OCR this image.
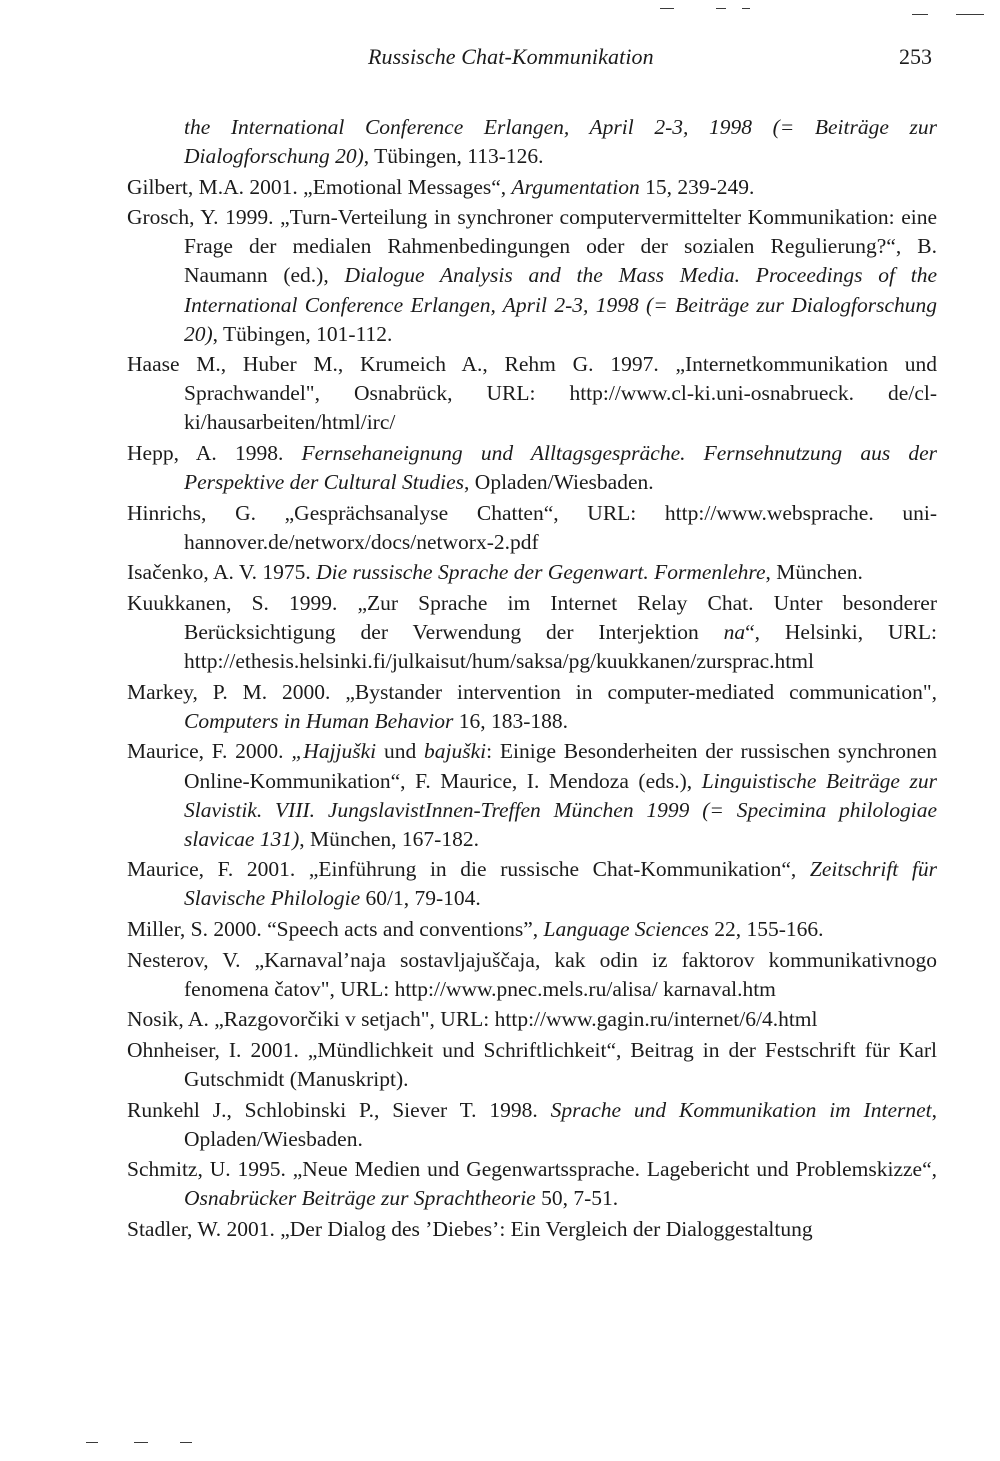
Russische Chat-Kommunikation	253

the International Conference Erlangen, April 2-3, 1998 (= Beiträge zur Dialogforschung 20), Tübingen, 113-126.

Gilbert, M.A. 2001. „Emotional Messages“, Argumentation 15, 239-249.

Grosch, Y. 1999. „Turn-Verteilung in synchroner computervermittelter Kommunikation: eine Frage der medialen Rahmenbedingungen oder der sozialen Regulierung?“, B. Naumann (ed.), Dialogue Analysis and the Mass Media. Proceedings of the International Conference Erlangen, April 2-3, 1998 (= Beiträge zur Dialogforschung 20), Tübingen, 101-112.

Haase M., Huber M., Krumeich A., Rehm G. 1997. „Internetkommunikation und Sprachwandel", Osnabrück, URL: http://www.cl-ki.uni-osnabrueck. de/cl-ki/hausarbeiten/html/irc/

Hepp, A. 1998. Fernsehaneignung und Alltagsgespräche. Fernsehnutzung aus der Perspektive der Cultural Studies, Opladen/Wiesbaden.

Hinrichs, G. „Gesprächsanalyse Chatten“, URL: http://www.websprache. uni-hannover.de/networx/docs/networx-2.pdf

Isačenko, A. V. 1975. Die russische Sprache der Gegenwart. Formenlehre, München.

Kuukkanen, S. 1999. „Zur Sprache im Internet Relay Chat. Unter besonderer Berücksichtigung der Verwendung der Interjektion na“, Helsinki, URL: http://ethesis.helsinki.fi/julkaisut/hum/saksa/pg/kuukkanen/zursprac.html

Markey, P. M. 2000. „Bystander intervention in computer-mediated communication", Computers in Human Behavior 16, 183-188.

Maurice, F. 2000. „Hajjuški und bajuški: Einige Besonderheiten der russischen synchronen Online-Kommunikation“, F. Maurice, I. Mendoza (eds.), Linguistische Beiträge zur Slavistik. VIII. JungslavistInnen-Treffen München 1999 (= Specimina philologiae slavicae 131), München, 167-182.

Maurice, F. 2001. „Einführung in die russische Chat-Kommunikation“, Zeitschrift für Slavische Philologie 60/1, 79-104.

Miller, S. 2000. “Speech acts and conventions”, Language Sciences 22, 155-166.

Nesterov, V. „Karnaval’naja sostavljajuščaja, kak odin iz faktorov kommunikativnogo fenomena čatov", URL: http://www.pnec.mels.ru/alisa/ karnaval.htm

Nosik, A. „Razgovorčiki v setjach", URL: http://www.gagin.ru/internet/6/4.html

Ohnheiser, I. 2001. „Mündlichkeit und Schriftlichkeit“, Beitrag in der Festschrift für Karl Gutschmidt (Manuskript).

Runkehl J., Schlobinski P., Siever T. 1998. Sprache und Kommunikation im Internet, Opladen/Wiesbaden.

Schmitz, U. 1995. „Neue Medien und Gegenwartssprache. Lagebericht und Problemskizze“, Osnabrücker Beiträge zur Sprachtheorie 50, 7-51.

Stadler, W. 2001. „Der Dialog des ’Diebes’: Ein Vergleich der Dialoggestaltung
